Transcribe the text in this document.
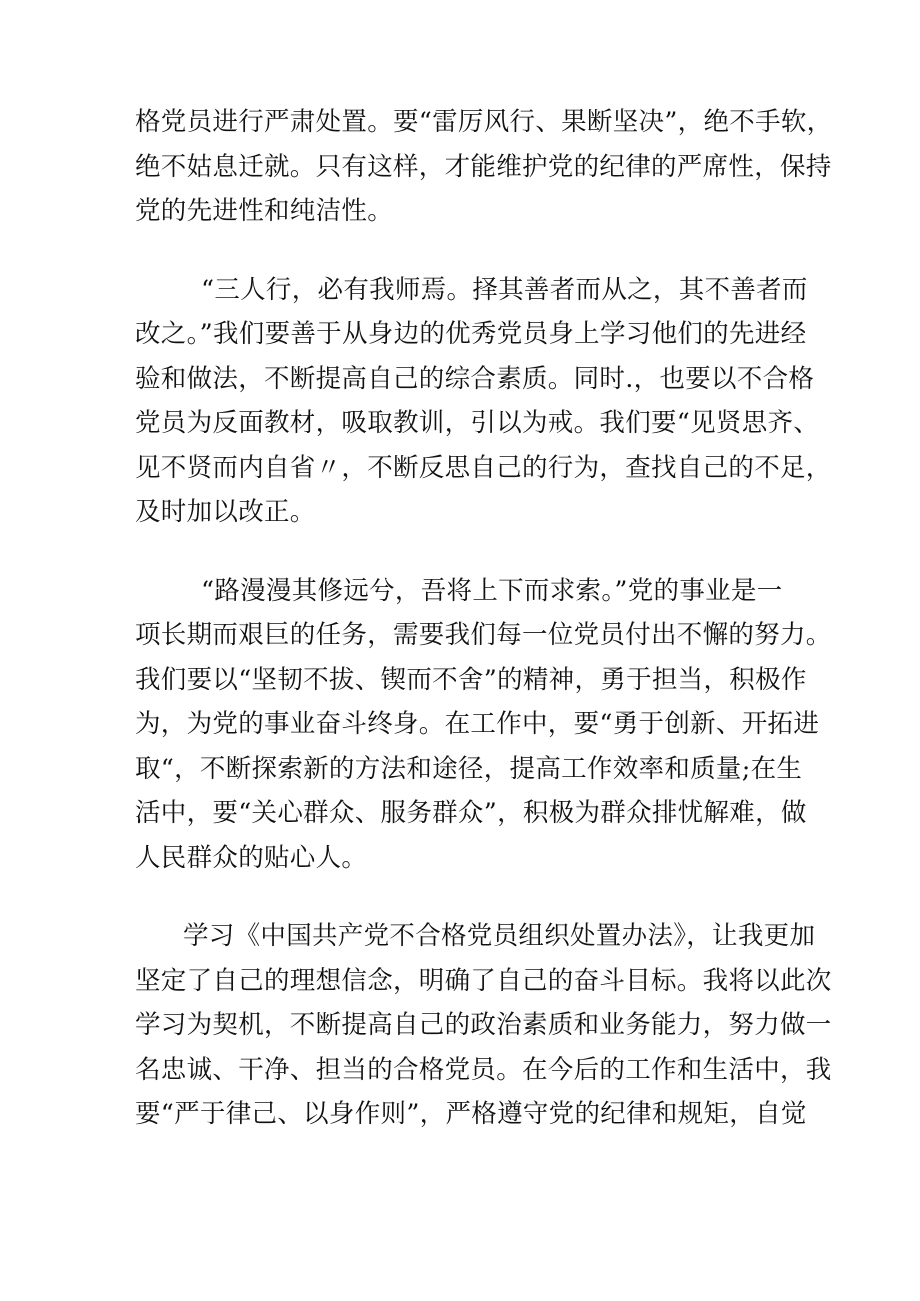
格党员进行严肃处置。要“雷厉风行、果断坚决”，绝不手软，
绝不姑息迁就。只有这样，才能维护党的纪律的严席性，保持
党的先进性和纯洁性。

“三人行，必有我师焉。择其善者而从之，其不善者而
改之。”我们要善于从身边的优秀党员身上学习他们的先进经
验和做法，不断提高自己的综合素质。同时.，也要以不合格
党员为反面教材，吸取教训，引以为戒。我们要“见贤思齐、
见不贤而内自省〃，不断反思自己的行为，查找自己的不足，
及时加以改正。

“路漫漫其修远兮，吾将上下而求索。”党的事业是一
项长期而艰巨的任务，需要我们每一位党员付出不懈的努力。
我们要以“坚韧不拔、锲而不舍”的精神，勇于担当，积极作
为，为党的事业奋斗终身。在工作中，要“勇于创新、开拓进
取“，不断探索新的方法和途径，提高工作效率和质量;在生
活中，要“关心群众、服务群众”，积极为群众排忧解难，做
人民群众的贴心人。

学习《中国共产党不合格党员组织处置办法》，让我更加
坚定了自己的理想信念，明确了自己的奋斗目标。我将以此次
学习为契机，不断提高自己的政治素质和业务能力，努力做一
名忠诚、干净、担当的合格党员。在今后的工作和生活中，我
要“严于律己、以身作则”，严格遵守党的纪律和规矩，自觉
